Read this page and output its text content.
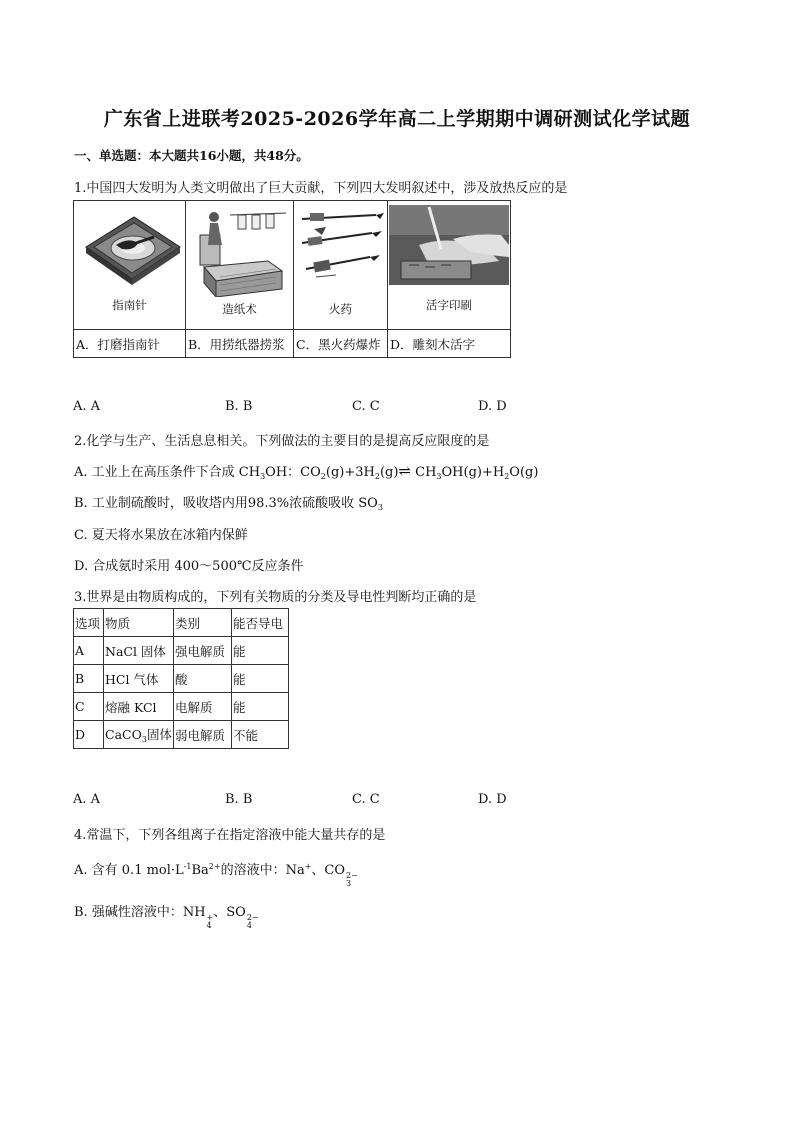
广东省上进联考2025-2026学年高二上学期期中调研测试化学试题
一、单选题：本大题共16小题，共48分。
1.中国四大发明为人类文明做出了巨大贡献，下列四大发明叙述中，涉及放热反应的是
指南针	造纸术	火药	活字印刷

A．打磨指南针	B．用捞纸器捞浆	C．黑火药爆炸	D．雕刻木活字
A. A	B. B	C. C	D. D
2.化学与生产、生活息息相关。下列做法的主要目的是提高反应限度的是
A. 工业上在高压条件下合成 $CH_3OH$：$CO_2(g)+3H_2(g)\rightleftharpoons$ $CH_3OH(g)+H_2O(g)$
B. 工业制硫酸时，吸收塔内用98.3%浓硫酸吸收 $SO_3$
C. 夏天将水果放在冰箱内保鲜
D. 合成氨时采用 400～500℃反应条件
3.世界是由物质构成的，下列有关物质的分类及导电性判断均正确的是
选项	物质	类别	能否导电
A	NaCl 固体	强电解质	能
B	HCl 气体	酸	能
C	熔融 KCl	电解质	能
D	CaCO$_3$固体	弱电解质	不能
A. A	B. B	C. C	D. D
4.常温下，下列各组离子在指定溶液中能大量共存的是
A. 含有 0.1 $mol\cdot L^{-1}Ba^{2+}$的溶液中：Na+、CO 2−
3
B. 强碱性溶液中：NH +
4
、SO 2−
4
